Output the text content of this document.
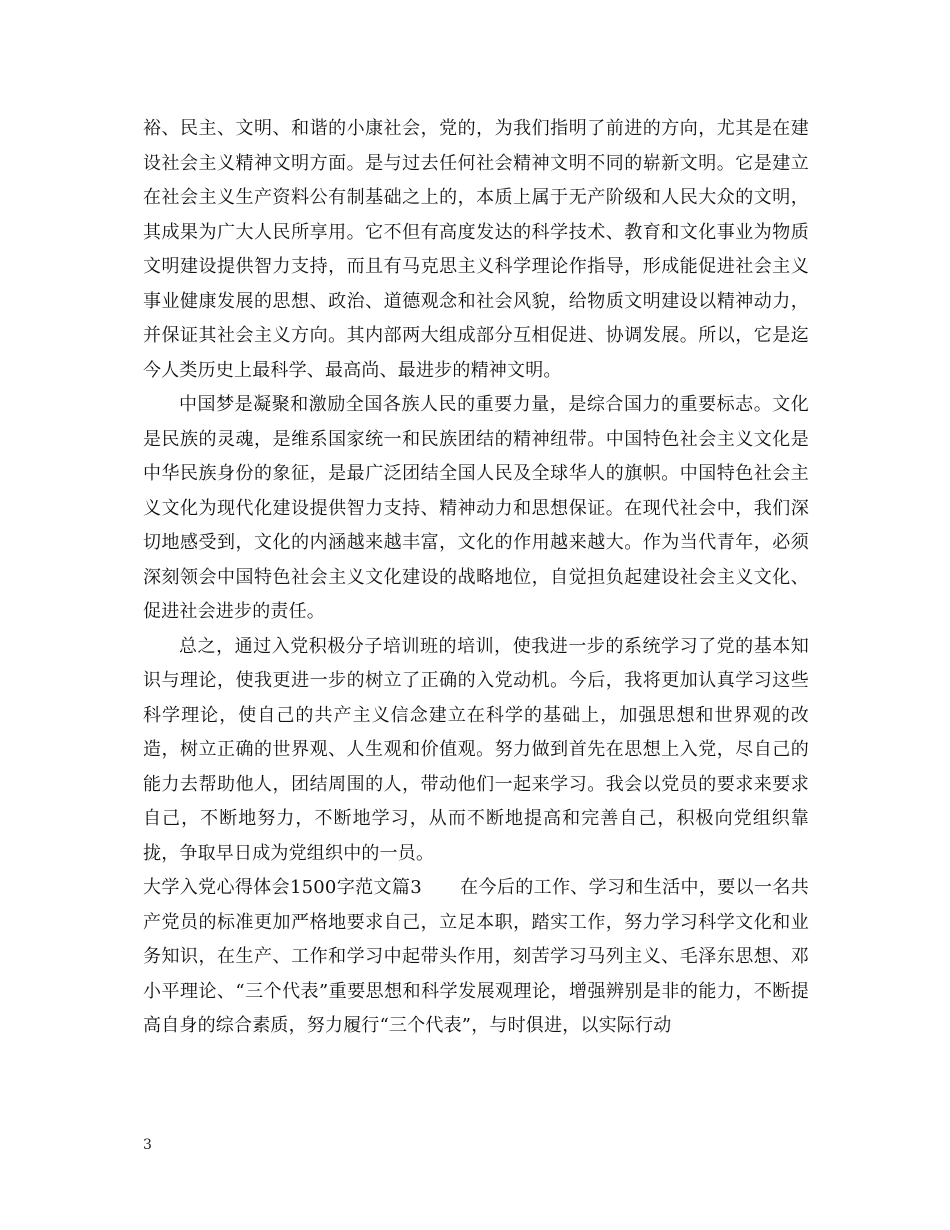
裕、民主、文明、和谐的小康社会，党的，为我们指明了前进的方向，尤其是在建设社会主义精神文明方面。是与过去任何社会精神文明不同的崭新文明。它是建立在社会主义生产资料公有制基础之上的，本质上属于无产阶级和人民大众的文明，其成果为广大人民所享用。它不但有高度发达的科学技术、教育和文化事业为物质文明建设提供智力支持，而且有马克思主义科学理论作指导，形成能促进社会主义事业健康发展的思想、政治、道德观念和社会风貌，给物质文明建设以精神动力，并保证其社会主义方向。其内部两大组成部分互相促进、协调发展。所以，它是迄今人类历史上最科学、最高尚、最进步的精神文明。

中国梦是凝聚和激励全国各族人民的重要力量，是综合国力的重要标志。文化是民族的灵魂，是维系国家统一和民族团结的精神纽带。中国特色社会主义文化是中华民族身份的象征，是最广泛团结全国人民及全球华人的旗帜。中国特色社会主义文化为现代化建设提供智力支持、精神动力和思想保证。在现代社会中，我们深切地感受到，文化的内涵越来越丰富，文化的作用越来越大。作为当代青年，必须深刻领会中国特色社会主义文化建设的战略地位，自觉担负起建设社会主义文化、促进社会进步的责任。

总之，通过入党积极分子培训班的培训，使我进一步的系统学习了党的基本知识与理论，使我更进一步的树立了正确的入党动机。今后，我将更加认真学习这些科学理论，使自己的共产主义信念建立在科学的基础上，加强思想和世界观的改造，树立正确的世界观、人生观和价值观。努力做到首先在思想上入党，尽自己的能力去帮助他人，团结周围的人，带动他们一起来学习。我会以党员的要求来要求自己，不断地努力，不断地学习，从而不断地提高和完善自己，积极向党组织靠拢，争取早日成为党组织中的一员。

大学入党心得体会1500字范文篇3 在今后的工作、学习和生活中，要以一名共产党员的标准更加严格地要求自己，立足本职，踏实工作，努力学习科学文化和业务知识，在生产、工作和学习中起带头作用，刻苦学习马列主义、毛泽东思想、邓小平理论、“三个代表”重要思想和科学发展观理论，增强辨别是非的能力，不断提高自身的综合素质，努力履行“三个代表”，与时俱进，以实际行动

3
